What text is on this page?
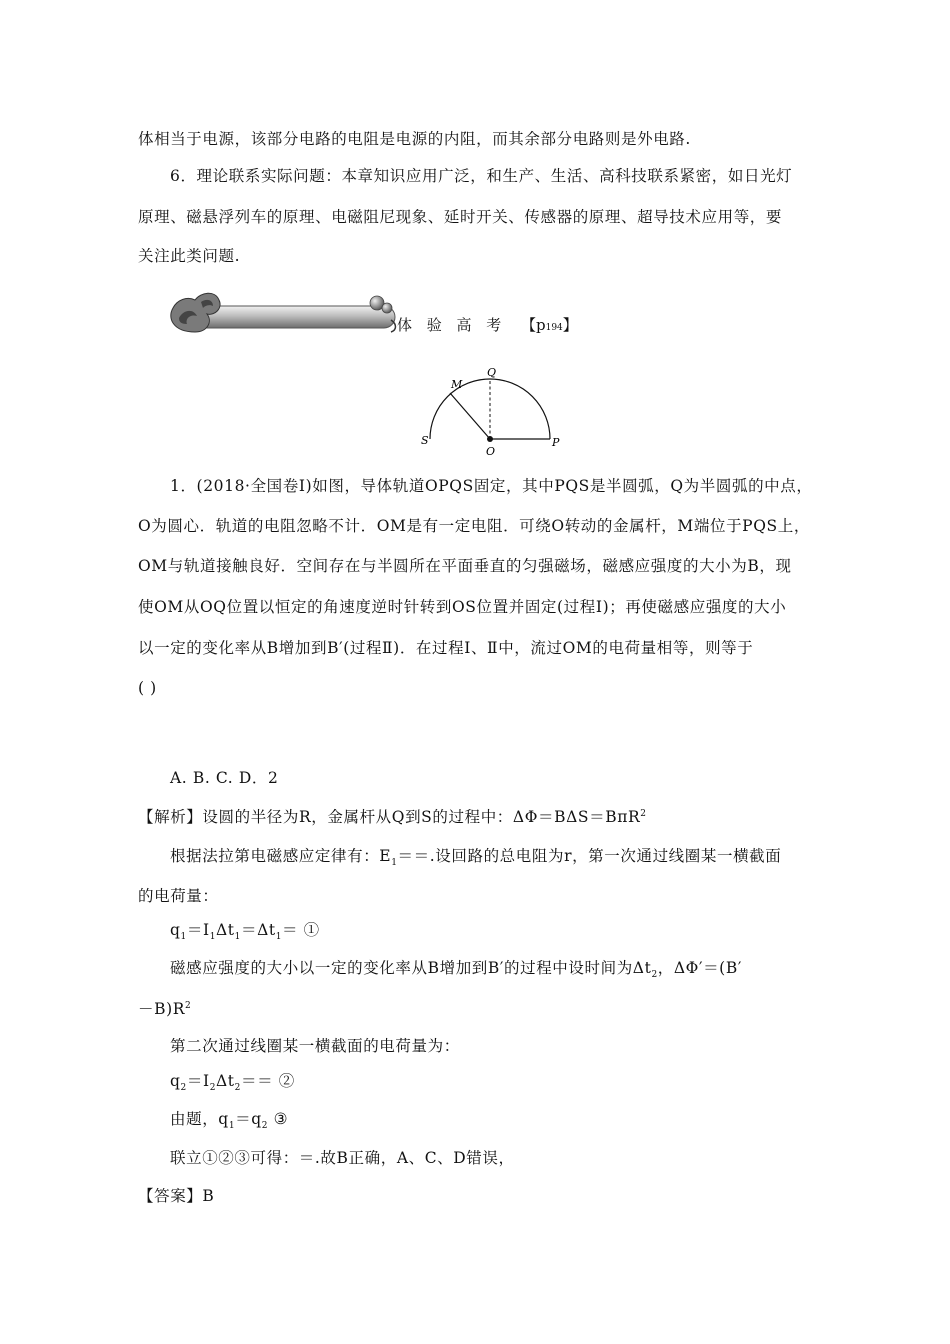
体相当于电源，该部分电路的电阻是电源的内阻，而其余部分电路则是外电路.
6．理论联系实际问题：本章知识应用广泛，和生产、生活、高科技联系紧密，如日光灯
原理、磁悬浮列车的原理、电磁阻尼现象、延时开关、传感器的原理、超导技术应用等，要
关注此类问题.
体 验 高 考 【p194】
M
Q
S
O
P
1．(2018·全国卷Ⅰ)如图，导体轨道OPQS固定，其中PQS是半圆弧，Q为半圆弧的中点，
O为圆心．轨道的电阻忽略不计．OM是有一定电阻．可绕O转动的金属杆，M端位于PQS上，
OM与轨道接触良好．空间存在与半圆所在平面垂直的匀强磁场，磁感应强度的大小为B，现
使OM从OQ位置以恒定的角速度逆时针转到OS位置并固定(过程Ⅰ)；再使磁感应强度的大小
以一定的变化率从B增加到B′(过程Ⅱ)．在过程Ⅰ、Ⅱ中，流过OM的电荷量相等，则等于
( )
A. B. C. D．2
【解析】设圆的半径为R，金属杆从Q到S的过程中：ΔΦ＝BΔS＝BπR$^2$
根据法拉第电磁感应定律有：$E_1==$.设回路的总电阻为r，第一次通过线圈某一横截面
的电荷量：
$q_1=I_1\Delta t_1=\Delta t_1=$ ①
磁感应强度的大小以一定的变化率从B增加到B′的过程中设时间为$\Delta t_2$，ΔΦ′＝(B′
$-B)R^2$
第二次通过线圈某一横截面的电荷量为：
$q_2=I_2\Delta t_2==$ ②
由题，$q_1=q_2$ ③
联立①②③可得：＝.故B正确，A、C、D错误，
【答案】B
